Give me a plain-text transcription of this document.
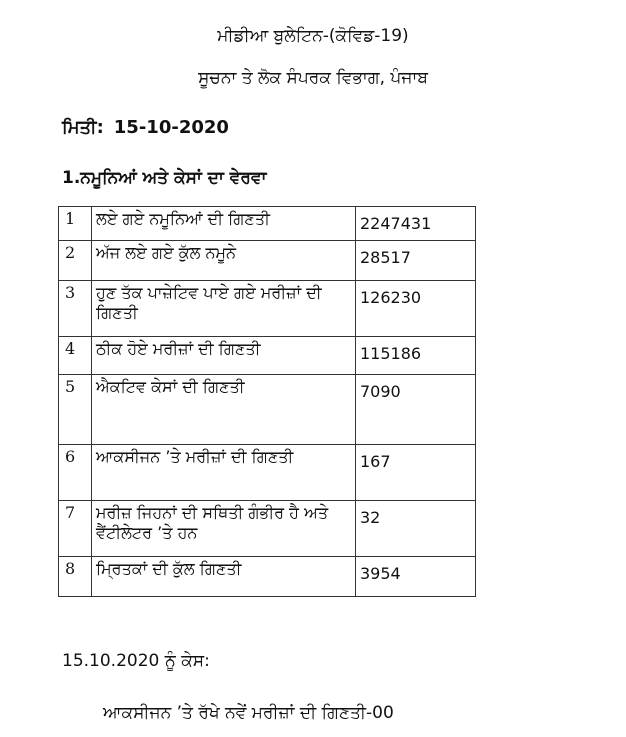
ਮੀਡੀਆ ਬੁਲੇਟਿਨ-(ਕੋਵਿਡ-19)
ਸੂਚਨਾ ਤੇ ਲੋਕ ਸੰਪਰਕ ਵਿਭਾਗ, ਪੰਜਾਬ
ਮਿਤੀ: 15-10-2020
1.ਨਮੂਨਿਆਂ ਅਤੇ ਕੇਸਾਂ ਦਾ ਵੇਰਵਾ
1	ਲਏ ਗਏ ਨਮੂਨਿਆਂ ਦੀ ਗਿਣਤੀ	2247431
2	ਅੱਜ ਲਏ ਗਏ ਕੁੱਲ ਨਮੂਨੇ	28517
3	ਹੁਣ ਤੱਕ ਪਾਜ਼ੇਟਿਵ ਪਾਏ ਗਏ ਮਰੀਜ਼ਾਂ ਦੀ ਗਿਣਤੀ	126230
4	ਠੀਕ ਹੋਏ ਮਰੀਜ਼ਾਂ ਦੀ ਗਿਣਤੀ	115186
5	ਐਕਟਿਵ ਕੇਸਾਂ ਦੀ ਗਿਣਤੀ	7090
6	ਆਕਸੀਜਨ ’ਤੇ ਮਰੀਜ਼ਾਂ ਦੀ ਗਿਣਤੀ	167
7	ਮਰੀਜ਼ ਜਿਹਨਾਂ ਦੀ ਸਥਿਤੀ ਗੰਭੀਰ ਹੈ ਅਤੇ ਵੈਂਟੀਲੇਟਰ ’ਤੇ ਹਨ	32
8	ਮ੍ਰਿਤਕਾਂ ਦੀ ਕੁੱਲ ਗਿਣਤੀ	3954
15.10.2020 ਨੂੰ ਕੇਸ:
ਆਕਸੀਜਨ ’ਤੇ ਰੱਖੇ ਨਵੇਂ ਮਰੀਜ਼ਾਂ ਦੀ ਗਿਣਤੀ-00
